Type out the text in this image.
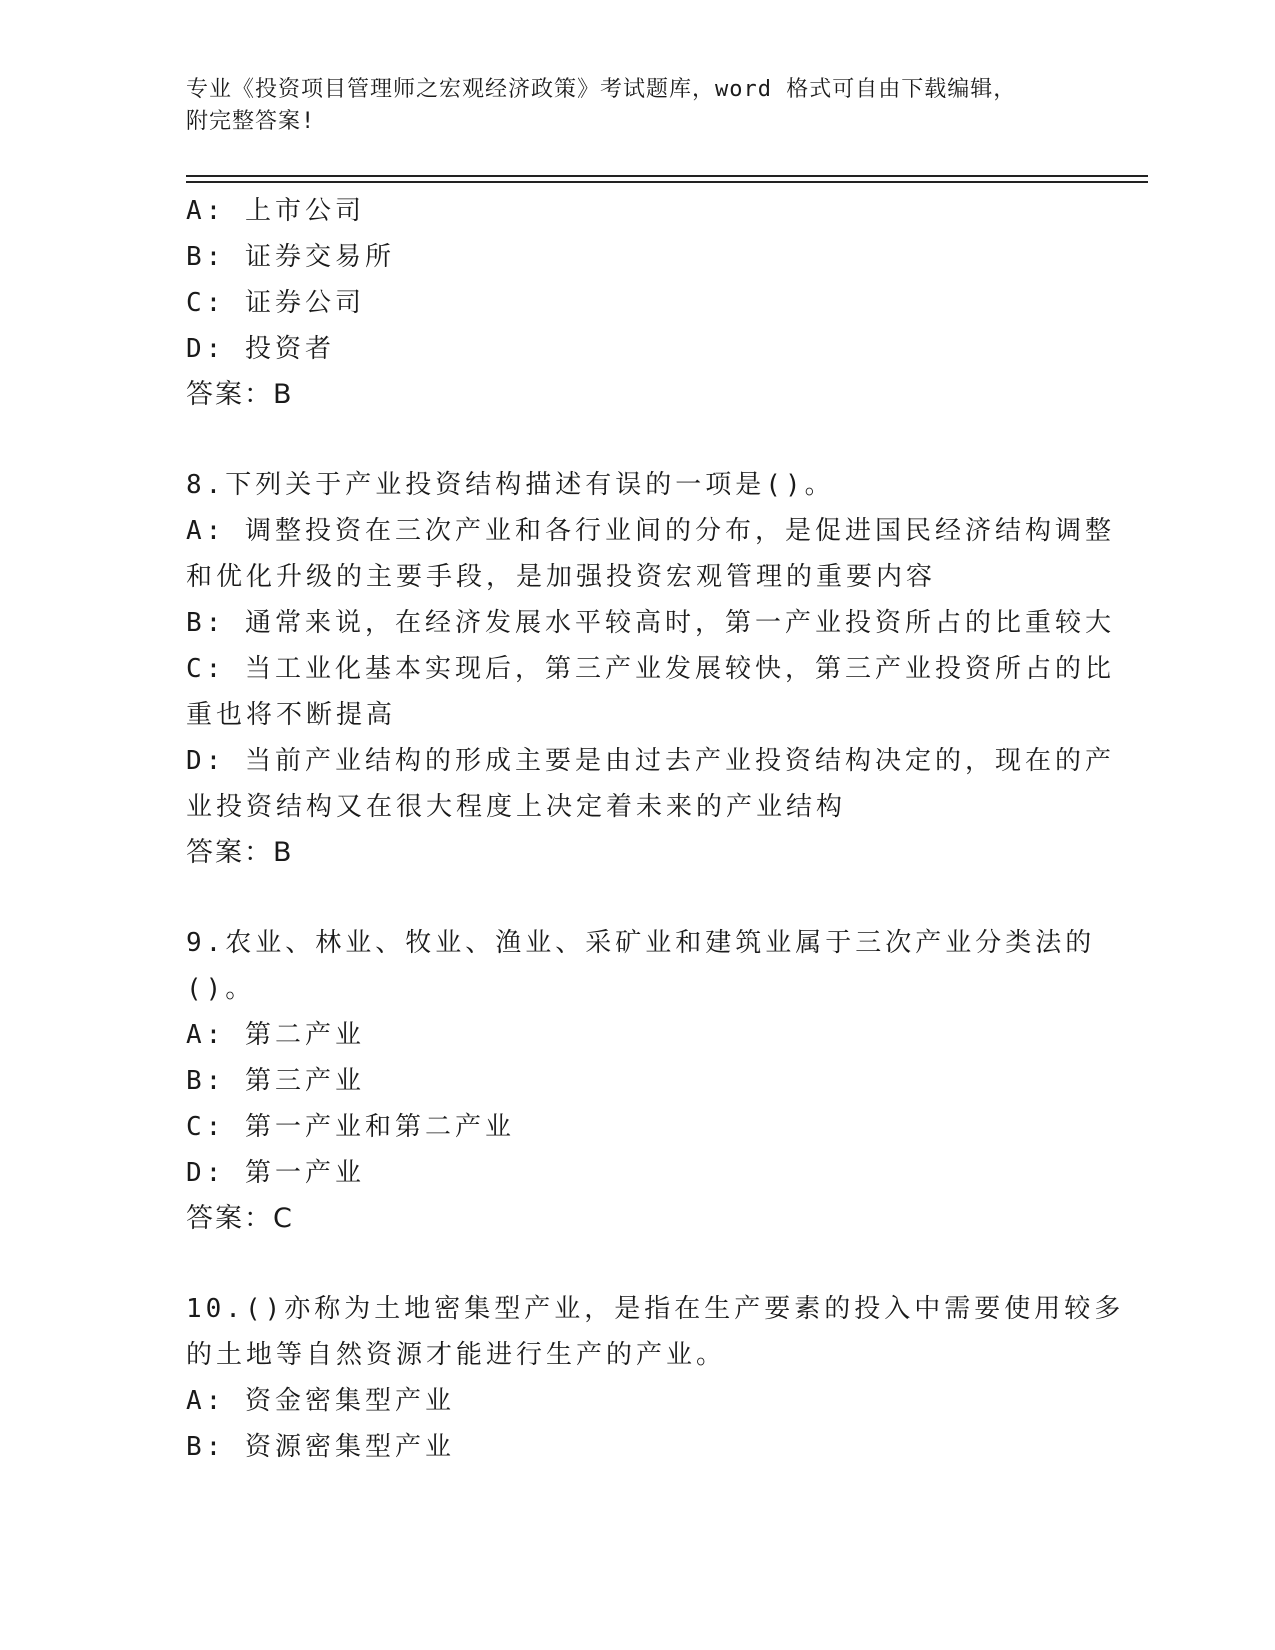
专业《投资项目管理师之宏观经济政策》考试题库，word 格式可自由下载编辑，
附完整答案!
A: 上市公司
B: 证券交易所
C: 证券公司
D: 投资者
答案：B
8.下列关于产业投资结构描述有误的一项是()。
A: 调整投资在三次产业和各行业间的分布，是促进国民经济结构调整
和优化升级的主要手段，是加强投资宏观管理的重要内容
B: 通常来说，在经济发展水平较高时，第一产业投资所占的比重较大
C: 当工业化基本实现后，第三产业发展较快，第三产业投资所占的比
重也将不断提高
D: 当前产业结构的形成主要是由过去产业投资结构决定的，现在的产
业投资结构又在很大程度上决定着未来的产业结构
答案：B
9.农业、林业、牧业、渔业、采矿业和建筑业属于三次产业分类法的
()。
A: 第二产业
B: 第三产业
C: 第一产业和第二产业
D: 第一产业
答案：C
10.()亦称为土地密集型产业，是指在生产要素的投入中需要使用较多
的土地等自然资源才能进行生产的产业。
A: 资金密集型产业
B: 资源密集型产业
